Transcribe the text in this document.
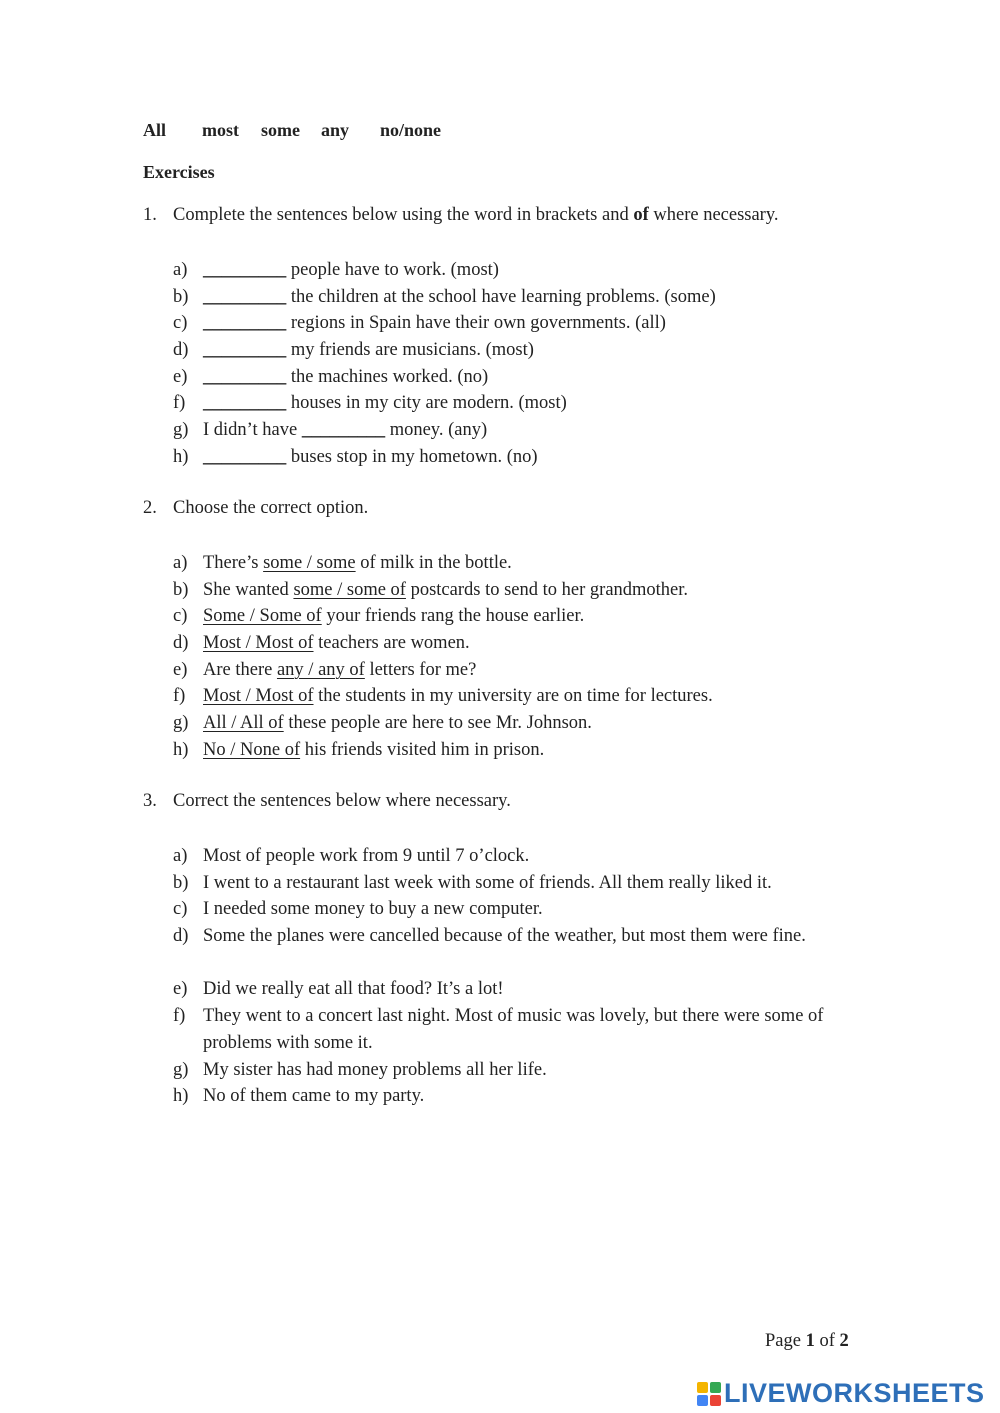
All most some any no/none
Exercises
1. Complete the sentences below using the word in brackets and of where necessary.
a) _________ people have to work. (most)
b) _________ the children at the school have learning problems. (some)
c) _________ regions in Spain have their own governments. (all)
d) _________ my friends are musicians. (most)
e) _________ the machines worked. (no)
f) _________ houses in my city are modern. (most)
g) I didn’t have _________ money. (any)
h) _________ buses stop in my hometown. (no)
2. Choose the correct option.
a) There’s some / some of milk in the bottle.
b) She wanted some / some of postcards to send to her grandmother.
c) Some / Some of your friends rang the house earlier.
d) Most / Most of teachers are women.
e) Are there any / any of letters for me?
f) Most / Most of the students in my university are on time for lectures.
g) All / All of these people are here to see Mr. Johnson.
h) No / None of his friends visited him in prison.
3. Correct the sentences below where necessary.
a) Most of people work from 9 until 7 o’clock.
b) I went to a restaurant last week with some of friends. All them really liked it.
c) I needed some money to buy a new computer.
d) Some the planes were cancelled because of the weather, but most them were fine.
e) Did we really eat all that food? It’s a lot!
f) They went to a concert last night. Most of music was lovely, but there were some of problems with some it.
g) My sister has had money problems all her life.
h) No of them came to my party.
Page 1 of 2
LIVEWORKSHEETS
